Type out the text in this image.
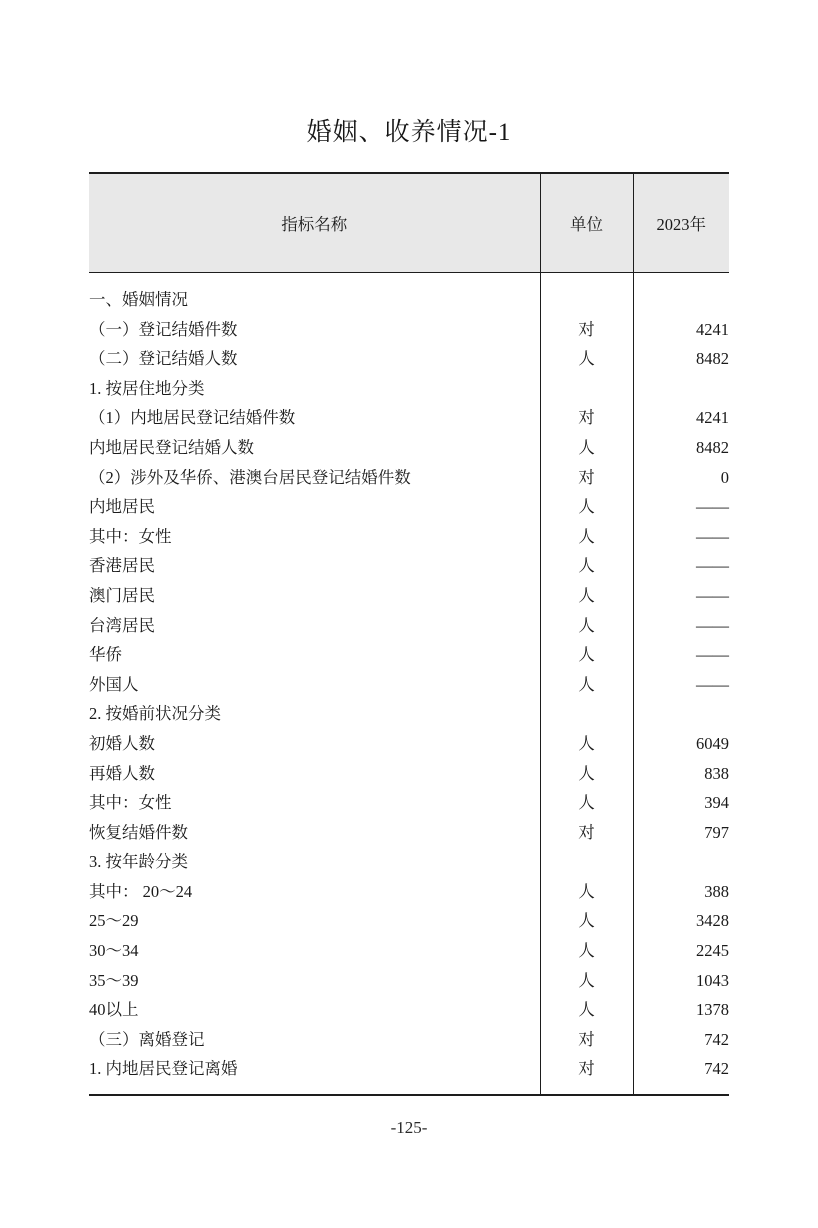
婚姻、收养情况-1
指标名称	单位	2023年
一、婚姻情况		
（一）登记结婚件数	对	4241
（二）登记结婚人数	人	8482
1. 按居住地分类		
（1）内地居民登记结婚件数	对	4241
内地居民登记结婚人数	人	8482
（2）涉外及华侨、港澳台居民登记结婚件数	对	0
内地居民	人	——
其中：女性	人	——
香港居民	人	——
澳门居民	人	——
台湾居民	人	——
华侨	人	——
外国人	人	——
2. 按婚前状况分类		
初婚人数	人	6049
再婚人数	人	838
其中：女性	人	394
恢复结婚件数	对	797
3. 按年龄分类		
其中： 20～24	人	388
25～29	人	3428
30～34	人	2245
35～39	人	1043
40以上	人	1378
（三）离婚登记	对	742
1. 内地居民登记离婚	对	742
-125-
